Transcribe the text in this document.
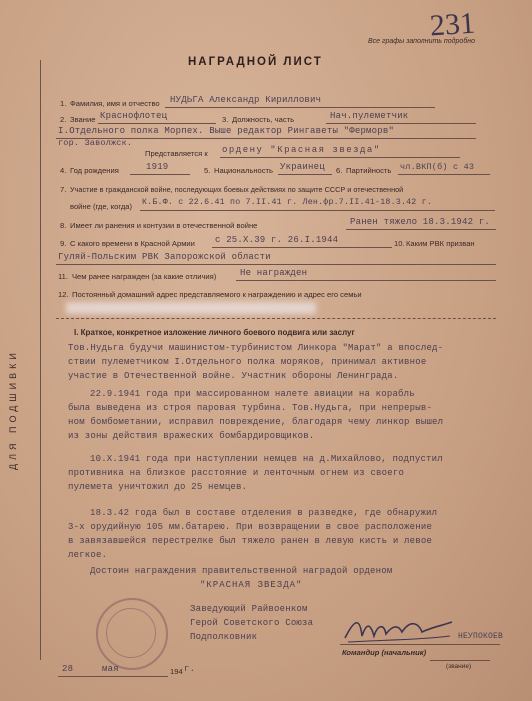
ДЛЯ ПОДШИВКИ
Все графы заполнить подробно
231
НАГРАДНОЙ ЛИСТ
1. Фамилия, имя и отчество НУДЬГА Александр Кириллович
2. Звание Краснофлотец	3. Должность, часть	Нач.пулеметчик
I.Отдельного полка Морпех. Выше редактор Рингаветы "Ферморв"
гор. Заволжск.
Представляется к ордену "Красная звезда"
4. Год рождения	1919	5. Национальность Украинец 6. Партийность чл.ВКП(б) с 43
7. Участие в гражданской войне, последующих боевых действиях по защите СССР и отечественной
войне (где, когда) К.Б.Ф. с 22.6.41 по 7.II.41 г. Лен.фр.7.II.41-18.3.42 г.
8. Имеет ли ранения и контузии в отечественной войне	Ранен тяжело 18.3.1942 г.
9. С какого времени в Красной Армии с 25.X.39 г. 26.I.1944	10. Каким РВК призван
Гуляй-Польским РВК Запорожской области
11. Чем ранее награжден (за какие отличия)	Не награжден
12. Постоянный домашний адрес представляемого к награждению и адрес его семьи
I. Краткое, конкретное изложение личного боевого подвига или заслуг
Тов.Нудьга будучи машинистом-турбинистом Линкора "Марат" а впослед-
ствии пулеметчиком I.Отдельного полка моряков, принимал активное
участие в Отечественной войне. Участник обороны Ленинграда.
22.9.1941 года при массированном налете авиации на корабль
была выведена из строя паровая турбина. Тов.Нудьга, при непрерыв-
ном бомбометании, исправил повреждение, благодаря чему линкор вышел
из зоны действия вражеских бомбардировщиков.
10.X.1941 года при наступлении немцев на д.Михайлово, подпустил
противника на близкое расстояние и ленточным огнем из своего
пулемета уничтожил до 25 немцев.
18.3.42 года был в составе отделения в разведке, где обнаружил
3-х орудийную 105 мм.батарею. При возвращении в свое расположение
в завязавшейся перестрелке был тяжело ранен в левую кисть и левое
легкое.
Достоин награждения правительственной наградой орденом
"КРАСНАЯ ЗВЕЗДА"
Заведующий Райвоенком
Герой Советского Союза
Подполковник	НЕУПОКОЕВ
Командир (начальник)
(звание)
28	мая	194 г.
